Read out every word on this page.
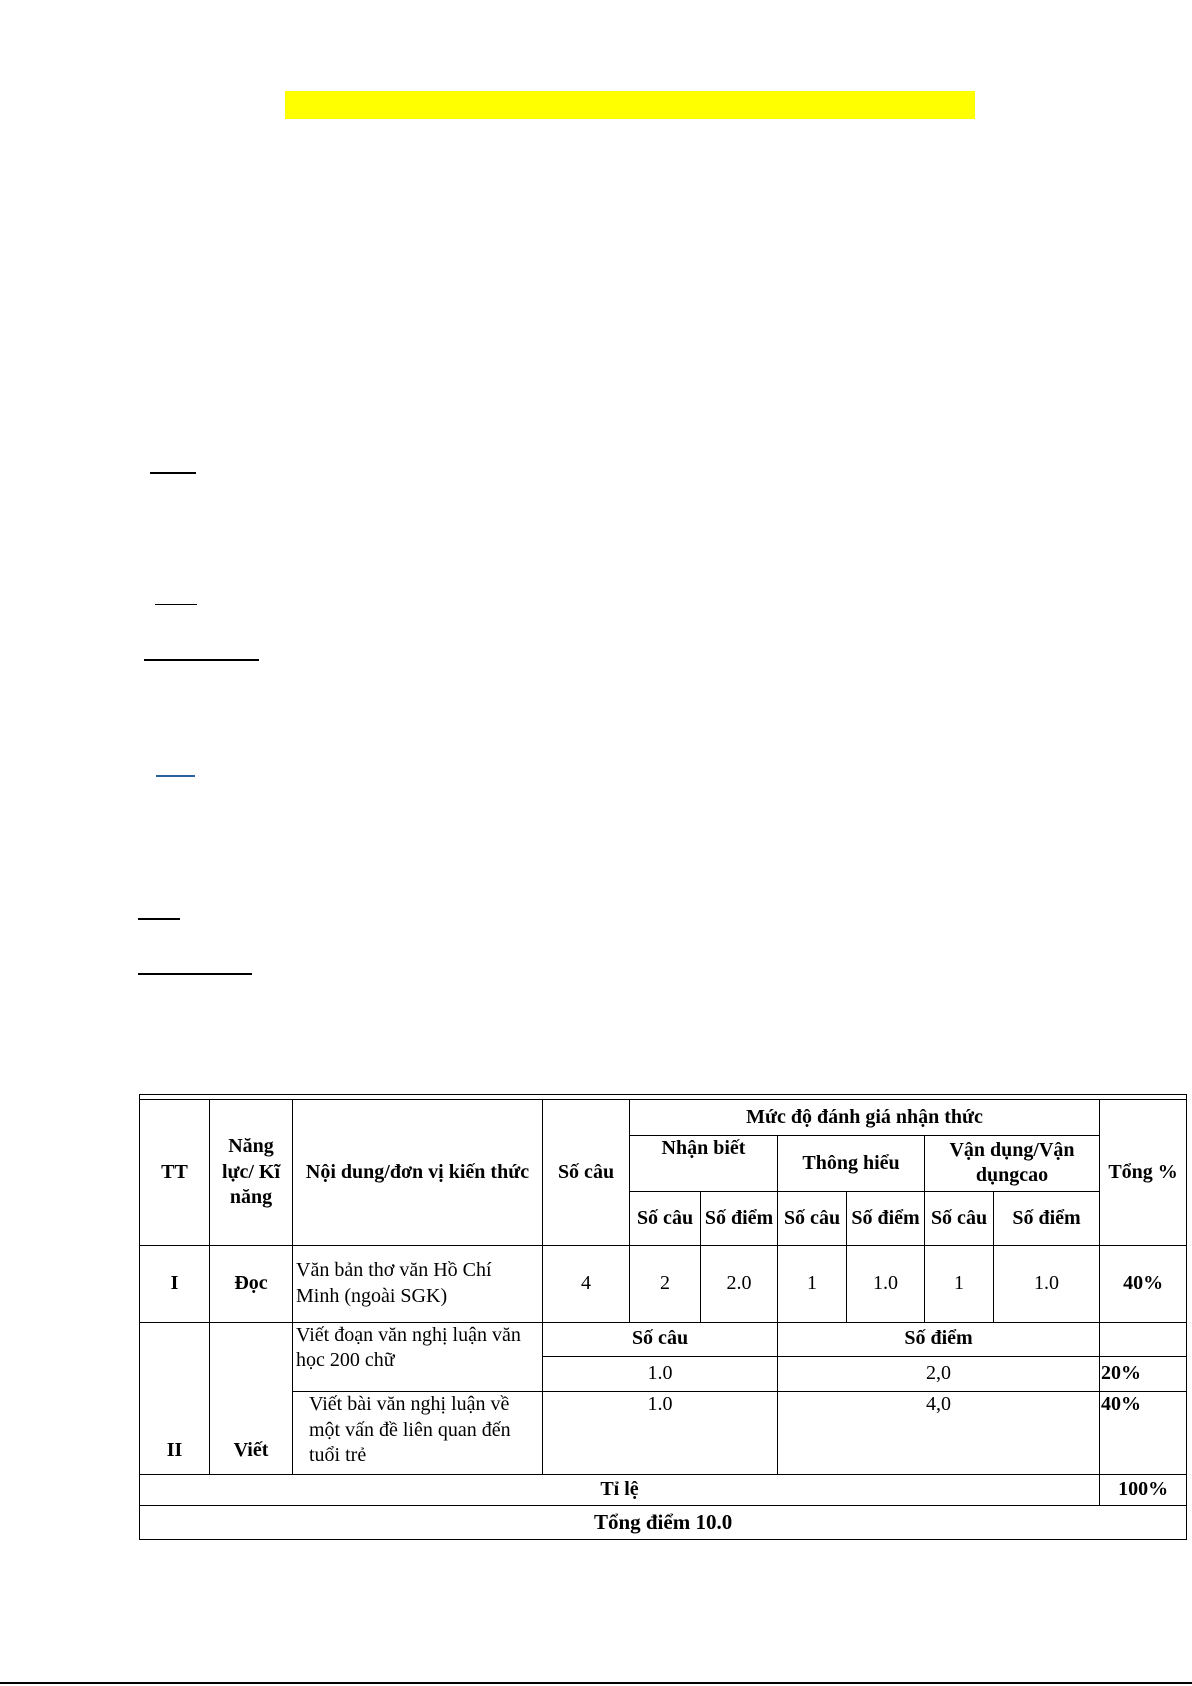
TT	Năng lực/ Kĩ năng	Nội dung/đơn vị kiến thức	Số câu	Mức độ đánh giá nhận thức						Tổng %
				Nhận biết		Thông hiểu		Vận dụng/Vận dụngcao		
				Số câu	Số điểm	Số câu	Số điểm	Số câu	Số điểm	
I	Đọc	Văn bản thơ văn Hồ Chí Minh (ngoài SGK)	4	2	2.0	1	1.0	1	1.0	40%
II	Viết	Viết đoạn văn nghị luận văn học 200 chữ	Số câu			Số điểm				
			1.0			2,0				20%
		Viết bài văn nghị luận về một vấn đề liên quan đến tuổi trẻ	1.0			4,0				40%
Tỉ lệ										100%
Tổng điểm 10.0										
